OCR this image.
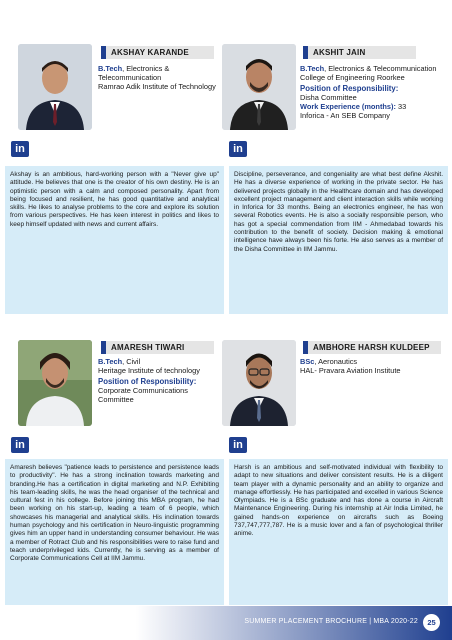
AKSHAY KARANDE
B.Tech, Electronics & Telecommunication
Ramrao Adik Institute of Technology
in
Akshay is an ambitious, hard-working person with a "Never give up" attitude. He believes that one is the creator of his own destiny. He is an optimistic person with a calm and composed personality. Apart from being focused and resilient, he has good quantitative and analytical skills. He likes to analyse problems to the core and explore its solution from various perspectives. He has keen interest in politics and likes to keep himself updated with news and current affairs.
AKSHIT JAIN
B.Tech, Electronics & Telecommunication
College of Engineering Roorkee
Position of Responsibility:
Disha Committee
Work Experience (months): 33
Inforica - An SEB Company
in
Discipline, perseverance, and congeniality are what best define Akshit. He has a diverse experience of working in the private sector. He has delivered projects globally in the Healthcare domain and has developed excellent project management and client interaction skills while working in Inforica for 33 months. Being an electronics engineer, he has won several Robotics events. He is also a socially responsible person, who has got a special commendation from IIM - Ahmedabad towards his contribution to the benefit of society. Decision making & emotional intelligence have always been his forte. He also serves as a member of the Disha Committee in IIM Jammu.
AMARESH TIWARI
B.Tech, Civil
Heritage Institute of technology
Position of Responsibility:
Corporate Communications Committee
in
Amaresh believes "patience leads to persistence and persistence leads to productivity". He has a strong inclination towards marketing and branding.He has a certification in digital marketing and N.P. Exhibiting his team-leading skills, he was the head organiser of the technical and cultural fest in his college. Before joining this MBA program, he had been working on his start-up, leading a team of 6 people, which showcases his managerial and analytical skills. His inclination towards human psychology and his certification in Neuro-linguistic programming gives him an upper hand in understanding consumer behaviour. He was a member of Rotract Club and his responsibilities were to raise fund and teach underprivileged kids. Currently, he is serving as a member of Corporate Communications Cell at IIM Jammu.
AMBHORE HARSH KULDEEP
BSc, Aeronautics
HAL- Pravara Aviation Institute
in
Harsh is an ambitious and self-motivated individual with flexibility to adapt to new situations and deliver consistent results. He is a diligent team player with a dynamic personality and an ability to organize and manage effortlessly. He has participated and excelled in various Science Olympiads. He is a BSc graduate and has done a course in Aircraft Maintenance Engineering. During his internship at Air India Limited, he gained hands-on experience on aircrafts such as Boeing 737,747,777,787. He is a music lover and a fan of psychological thriller anime.
SUMMER PLACEMENT BROCHURE | MBA 2020-22	25
